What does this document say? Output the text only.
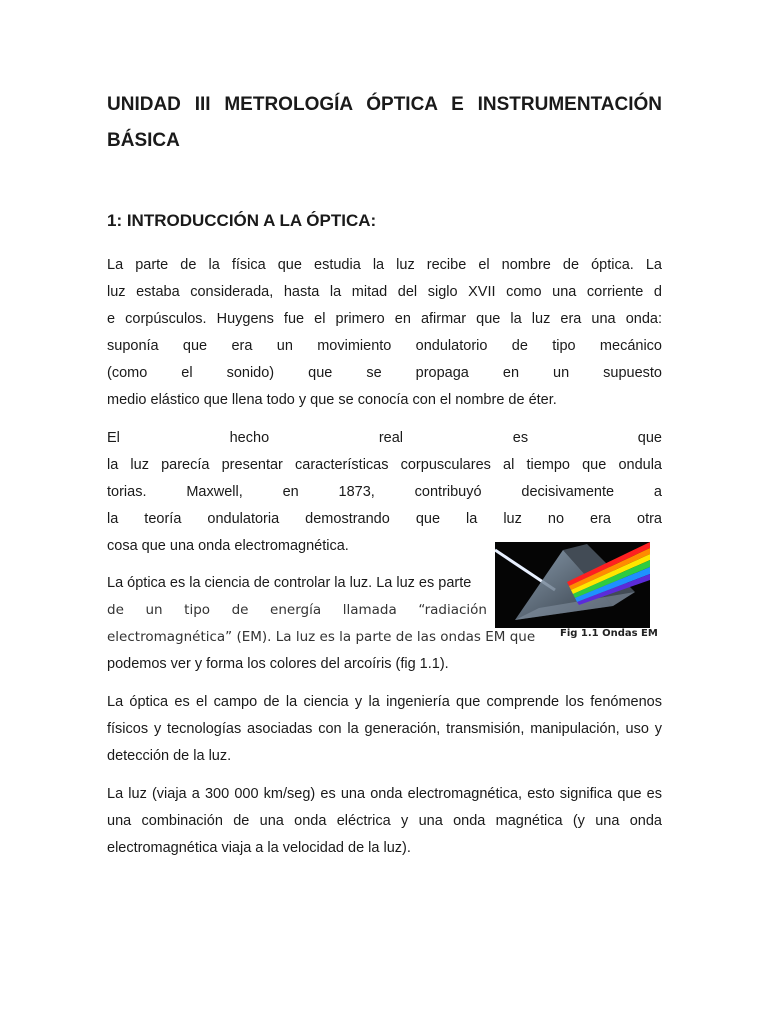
UNIDAD III METROLOGÍA ÓPTICA E INSTRUMENTACIÓN
BÁSICA
1: INTRODUCCIÓN A LA ÓPTICA:
La parte de la física que estudia la luz recibe el nombre de óptica. La
luz estaba considerada, hasta la mitad del siglo XVII como una corriente d
e corpúsculos. Huygens fue el primero en afirmar que la luz era una onda:
suponía que era un movimiento ondulatorio de tipo mecánico
(como el sonido) que se propaga en un supuesto
medio elástico que llena todo y que se conocía con el nombre de éter.
El hecho real es que
la luz parecía presentar características corpusculares al tiempo que ondula
torias. Maxwell, en 1873, contribuyó decisivamente a
la teoría ondulatoria demostrando que la luz no era otra
cosa que una onda electromagnética.
La óptica es la ciencia de controlar la luz. La luz es parte
de un tipo de energía llamada “radiación
electromagnética” (EM). La luz es la parte de las ondas EM que
podemos ver y forma los colores del arcoíris (fig 1.1).
La óptica es el campo de la ciencia y la ingeniería que comprende los fenómenos
físicos y tecnologías asociadas con la generación, transmisión, manipulación, uso y
detección de la luz.
La luz (viaja a 300 000 km/seg) es una onda electromagnética, esto significa que es
una combinación de una onda eléctrica y una onda magnética (y una onda
electromagnética viaja a la velocidad de la luz).
Fig 1.1 Ondas EM
